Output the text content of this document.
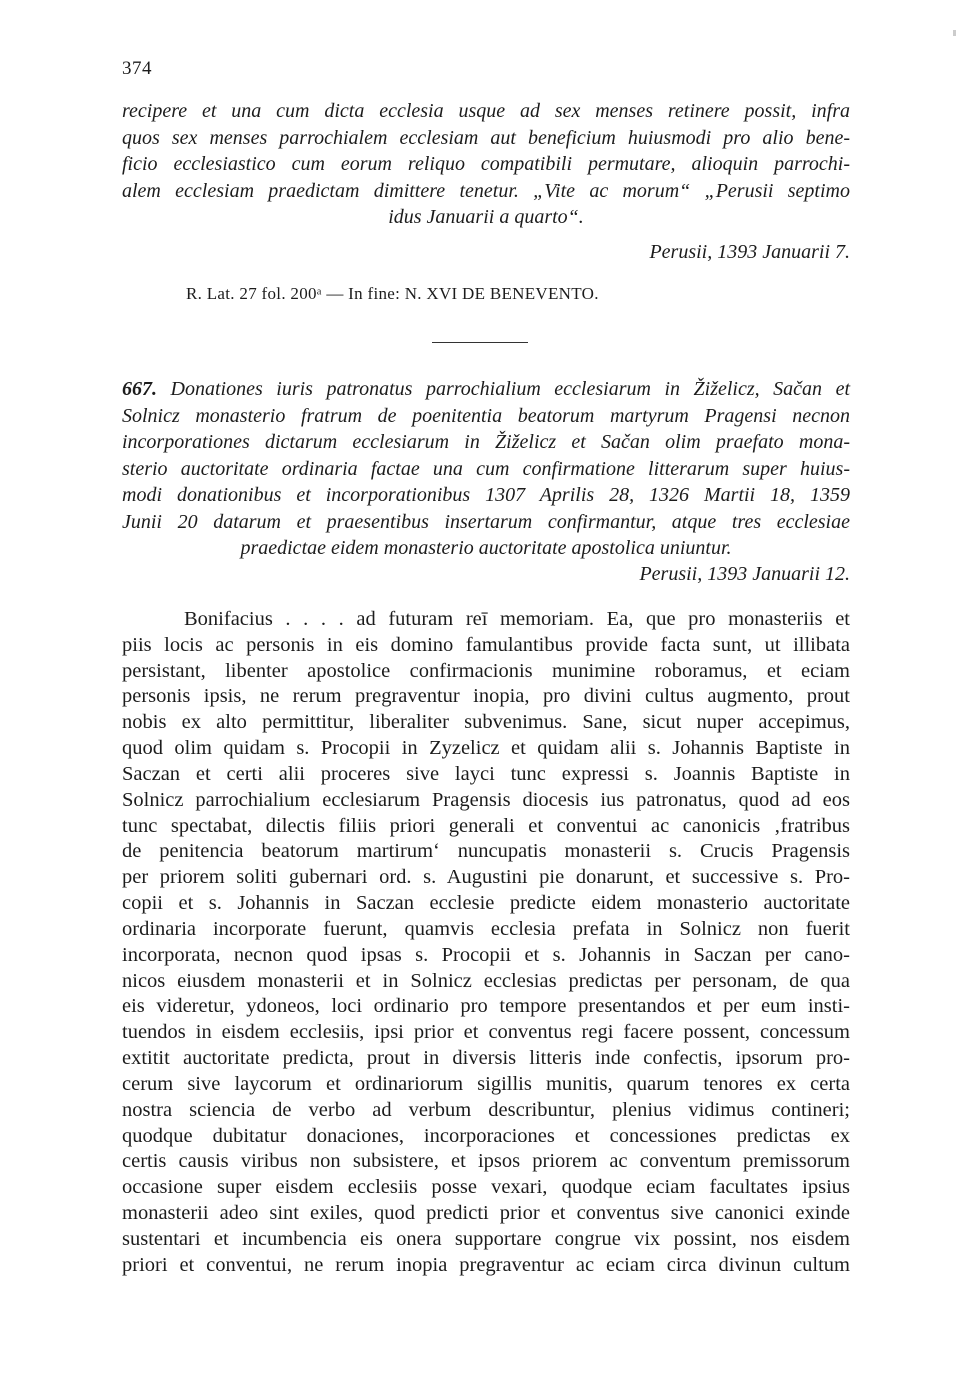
374
recipere et una cum dicta ecclesia usque ad sex menses retinere possit, infra
quos sex menses parrochialem ecclesiam aut beneficium huiusmodi pro alio bene-
ficio ecclesiastico cum eorum reliquo compatibili permutare, alioquin parrochi-
alem ecclesiam praedictam dimittere tenetur. „Vite ac morum“ „Perusii septimo
idus Januarii a quarto“.
Perusii, 1393 Januarii 7.
R. Lat. 27 fol. 200ᵃ — In fine: N. XVI DE BENEVENTO.
667. Donationes iuris patronatus parrochialium ecclesiarum in Žiželicz, Sačan et
Solnicz monasterio fratrum de poenitentia beatorum martyrum Pragensi necnon
incorporationes dictarum ecclesiarum in Žiželicz et Sačan olim praefato mona-
sterio auctoritate ordinaria factae una cum confirmatione litterarum super huius-
modi donationibus et incorporationibus 1307 Aprilis 28, 1326 Martii 18, 1359
Junii 20 datarum et praesentibus insertarum confirmantur, atque tres ecclesiae
praedictae eidem monasterio auctoritate apostolica uniuntur.
Perusii, 1393 Januarii 12.
Bonifacius . . . . ad futuram reī memoriam. Ea, que pro monasteriis et
piis locis ac personis in eis domino famulantibus provide facta sunt, ut illibata
persistant, libenter apostolice confirmacionis munimine roboramus, et eciam
personis ipsis, ne rerum pregraventur inopia, pro divini cultus augmento, prout
nobis ex alto permittitur, liberaliter subvenimus. Sane, sicut nuper accepimus,
quod olim quidam s. Procopii in Zyzelicz et quidam alii s. Johannis Baptiste in
Saczan et certi alii proceres sive layci tunc expressi s. Joannis Baptiste in
Solnicz parrochialium ecclesiarum Pragensis diocesis ius patronatus, quod ad eos
tunc spectabat, dilectis filiis priori generali et conventui ac canonicis ‚fratribus
de penitencia beatorum martirum‘ nuncupatis monasterii s. Crucis Pragensis
per priorem soliti gubernari ord. s. Augustini pie donarunt, et successive s. Pro-
copii et s. Johannis in Saczan ecclesie predicte eidem monasterio auctoritate
ordinaria incorporate fuerunt, quamvis ecclesia prefata in Solnicz non fuerit
incorporata, necnon quod ipsas s. Procopii et s. Johannis in Saczan per cano-
nicos eiusdem monasterii et in Solnicz ecclesias predictas per personam, de qua
eis videretur, ydoneos, loci ordinario pro tempore presentandos et per eum insti-
tuendos in eisdem ecclesiis, ipsi prior et conventus regi facere possent, concessum
extitit auctoritate predicta, prout in diversis litteris inde confectis, ipsorum pro-
cerum sive laycorum et ordinariorum sigillis munitis, quarum tenores ex certa
nostra sciencia de verbo ad verbum describuntur, plenius vidimus contineri;
quodque dubitatur donaciones, incorporaciones et concessiones predictas ex
certis causis viribus non subsistere, et ipsos priorem ac conventum premissorum
occasione super eisdem ecclesiis posse vexari, quodque eciam facultates ipsius
monasterii adeo sint exiles, quod predicti prior et conventus sive canonici exinde
sustentari et incumbencia eis onera supportare congrue vix possint, nos eisdem
priori et conventui, ne rerum inopia pregraventur ac eciam circa divinun cultum
